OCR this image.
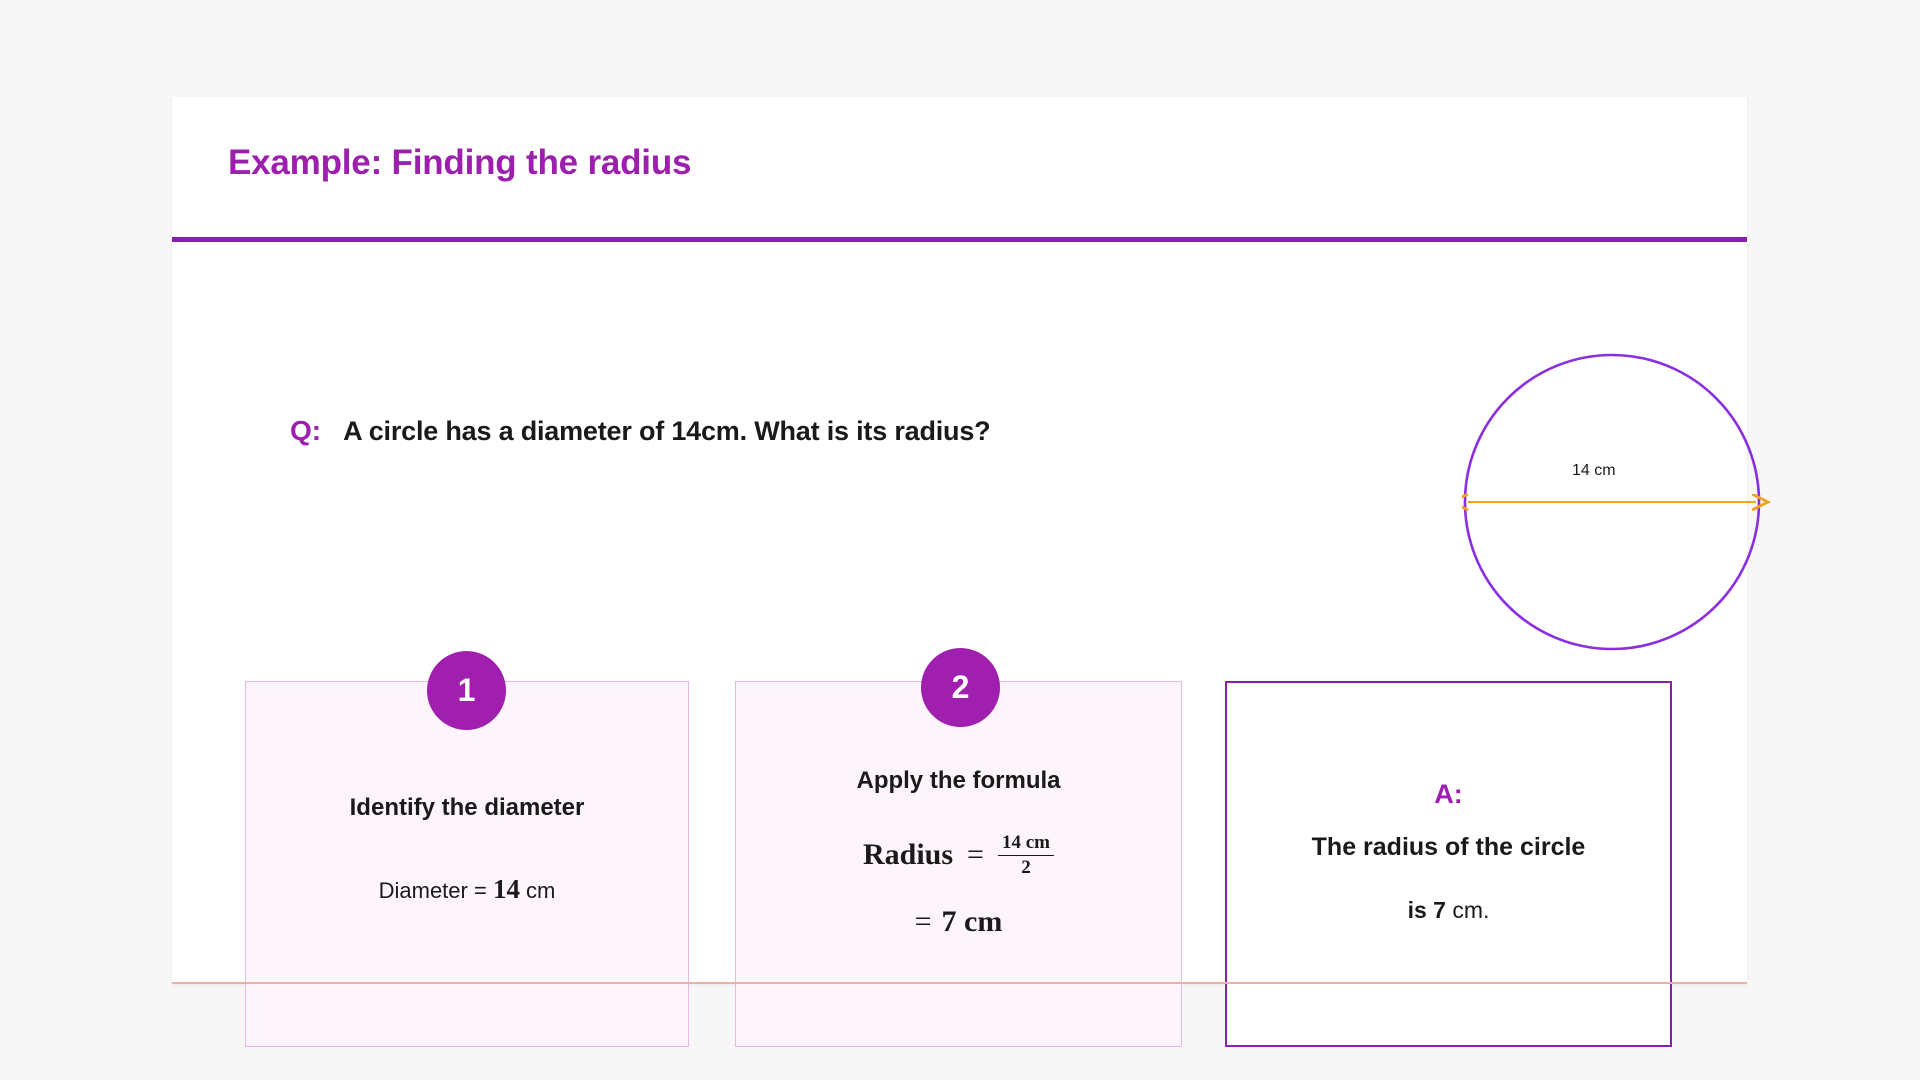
Example: Finding the radius
Q: A circle has a diameter of 14cm. What is its radius?
14 cm
Identify the diameter
Diameter = 14 cm
1
Apply the formula
Radius = $\frac{14 cm}{2}$
= 7 cm
2
A:
The radius of the circle
is 7 cm.
